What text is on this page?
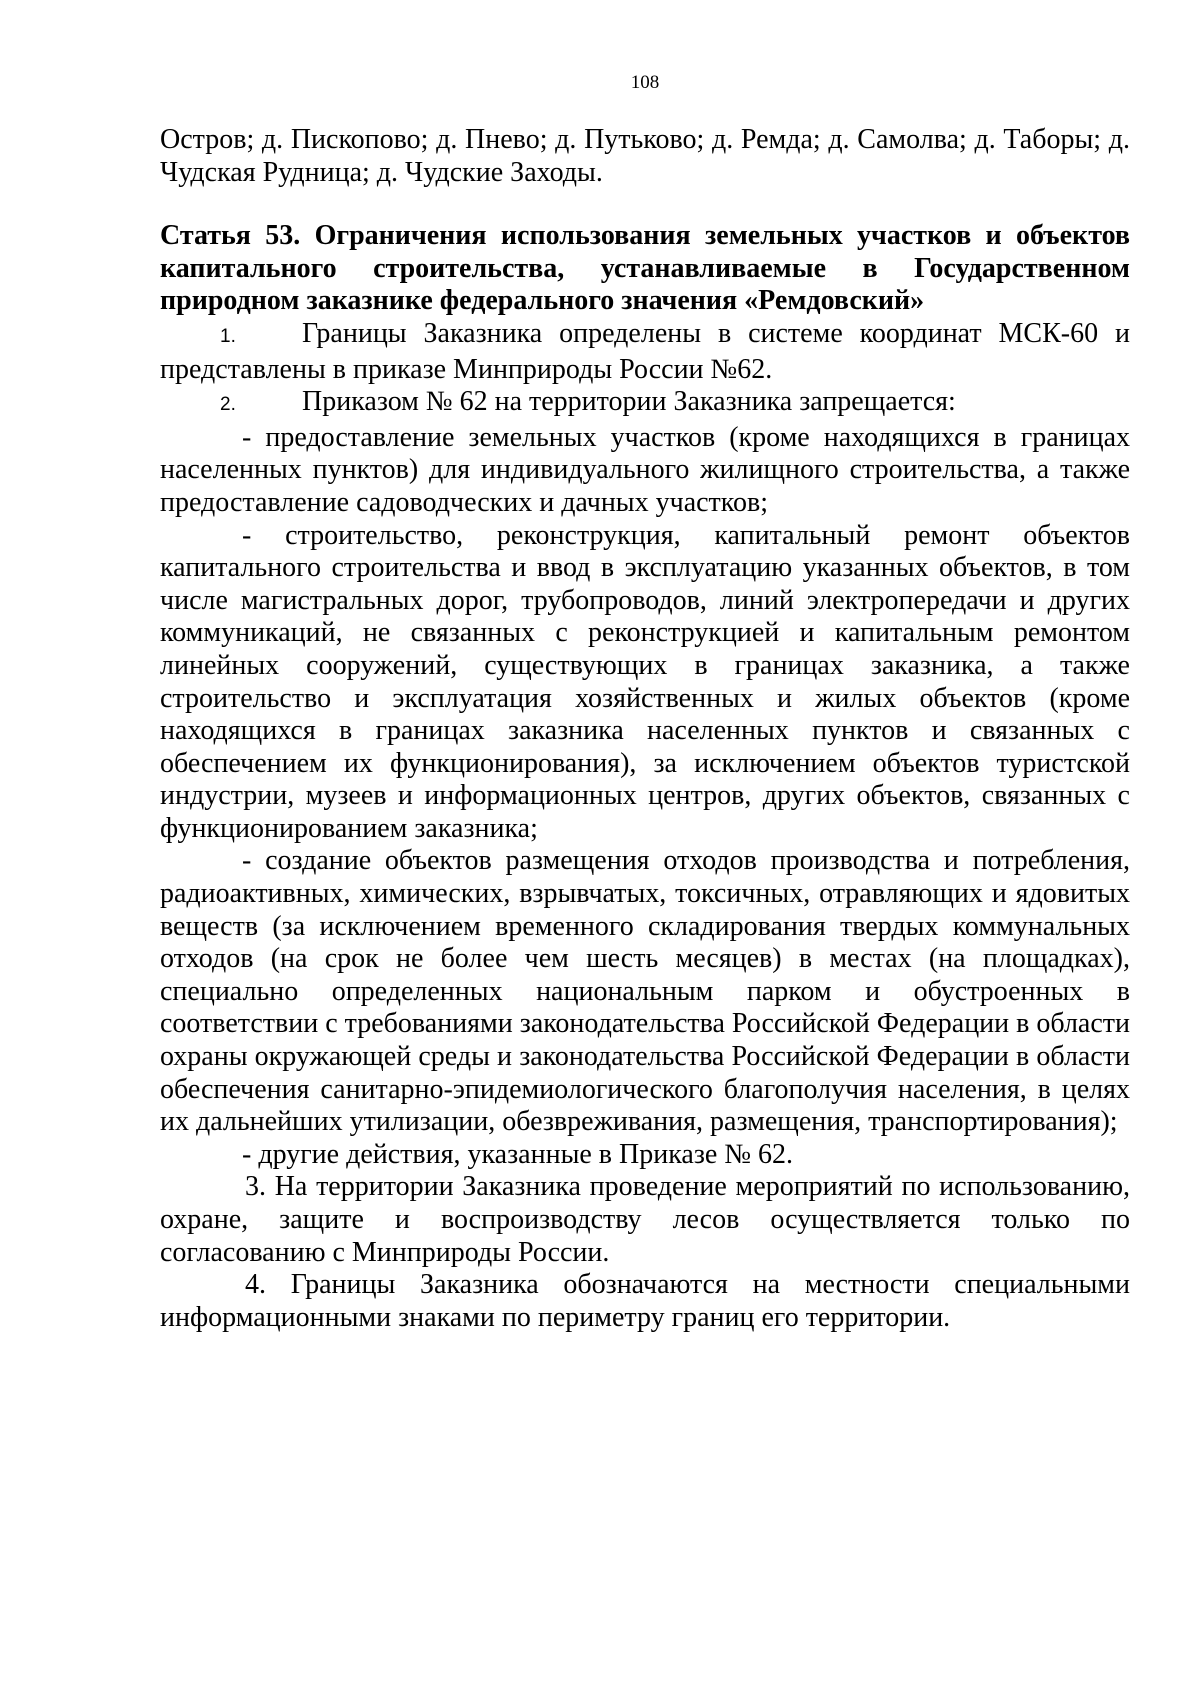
108

Остров; д. Пископово; д. Пнево; д. Путьково; д. Ремда; д. Самолва; д. Таборы; д. Чудская Рудница; д. Чудские Заходы.

Статья 53. Ограничения использования земельных участков и объектов капитального строительства, устанавливаемые в Государственном природном заказнике федерального значения «Ремдовский»

1. Границы Заказника определены в системе координат МСК-60 и представлены в приказе Минприроды России №62.

2. Приказом № 62 на территории Заказника запрещается:

- предоставление земельных участков (кроме находящихся в границах населенных пунктов) для индивидуального жилищного строительства, а также предоставление садоводческих и дачных участков;

- строительство, реконструкция, капитальный ремонт объектов капитального строительства и ввод в эксплуатацию указанных объектов, в том числе магистральных дорог, трубопроводов, линий электропередачи и других коммуникаций, не связанных с реконструкцией и капитальным ремонтом линейных сооружений, существующих в границах заказника, а также строительство и эксплуатация хозяйственных и жилых объектов (кроме находящихся в границах заказника населенных пунктов и связанных с обеспечением их функционирования), за исключением объектов туристской индустрии, музеев и информационных центров, других объектов, связанных с функционированием заказника;

- создание объектов размещения отходов производства и потребления, радиоактивных, химических, взрывчатых, токсичных, отравляющих и ядовитых веществ (за исключением временного складирования твердых коммунальных отходов (на срок не более чем шесть месяцев) в местах (на площадках), специально определенных национальным парком и обустроенных в соответствии с требованиями законодательства Российской Федерации в области охраны окружающей среды и законодательства Российской Федерации в области обеспечения санитарно-эпидемиологического благополучия населения, в целях их дальнейших утилизации, обезвреживания, размещения, транспортирования);

- другие действия, указанные в Приказе № 62.

3. На территории Заказника проведение мероприятий по использованию, охране, защите и воспроизводству лесов осуществляется только по согласованию с Минприроды России.

4. Границы Заказника обозначаются на местности специальными информационными знаками по периметру границ его территории.
